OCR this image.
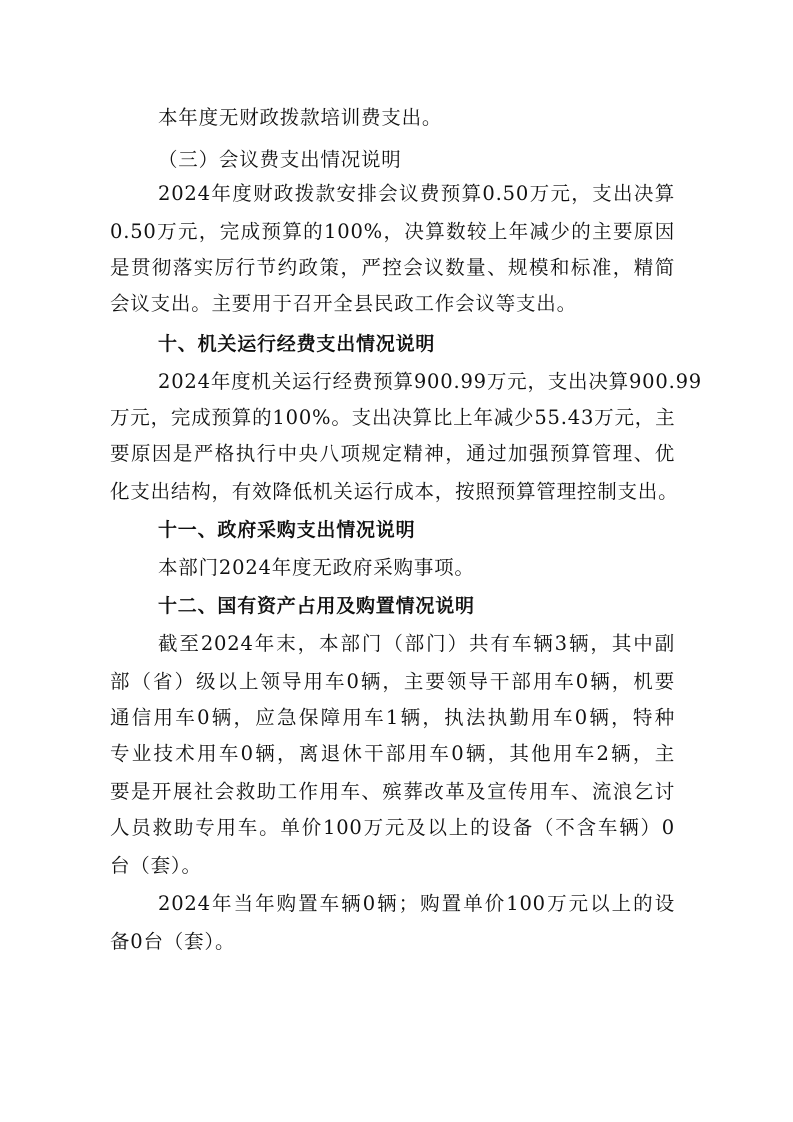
本年度无财政拨款培训费支出。
（三）会议费支出情况说明
2024年度财政拨款安排会议费预算0.50万元，支出决算
0.50万元，完成预算的100%，决算数较上年减少的主要原因
是贯彻落实厉行节约政策，严控会议数量、规模和标准，精简
会议支出。主要用于召开全县民政工作会议等支出。
十、机关运行经费支出情况说明
2024年度机关运行经费预算900.99万元，支出决算900.99
万元，完成预算的100%。支出决算比上年减少55.43万元，主
要原因是严格执行中央八项规定精神，通过加强预算管理、优
化支出结构，有效降低机关运行成本，按照预算管理控制支出。
十一、政府采购支出情况说明
本部门2024年度无政府采购事项。
十二、国有资产占用及购置情况说明
截至2024年末，本部门（部门）共有车辆3辆，其中副
部（省）级以上领导用车0辆，主要领导干部用车0辆，机要
通信用车0辆，应急保障用车1辆，执法执勤用车0辆，特种
专业技术用车0辆，离退休干部用车0辆，其他用车2辆，主
要是开展社会救助工作用车、殡葬改革及宣传用车、流浪乞讨
人员救助专用车。单价100万元及以上的设备（不含车辆）0
台（套）。
2024年当年购置车辆0辆；购置单价100万元以上的设
备0台（套）。
